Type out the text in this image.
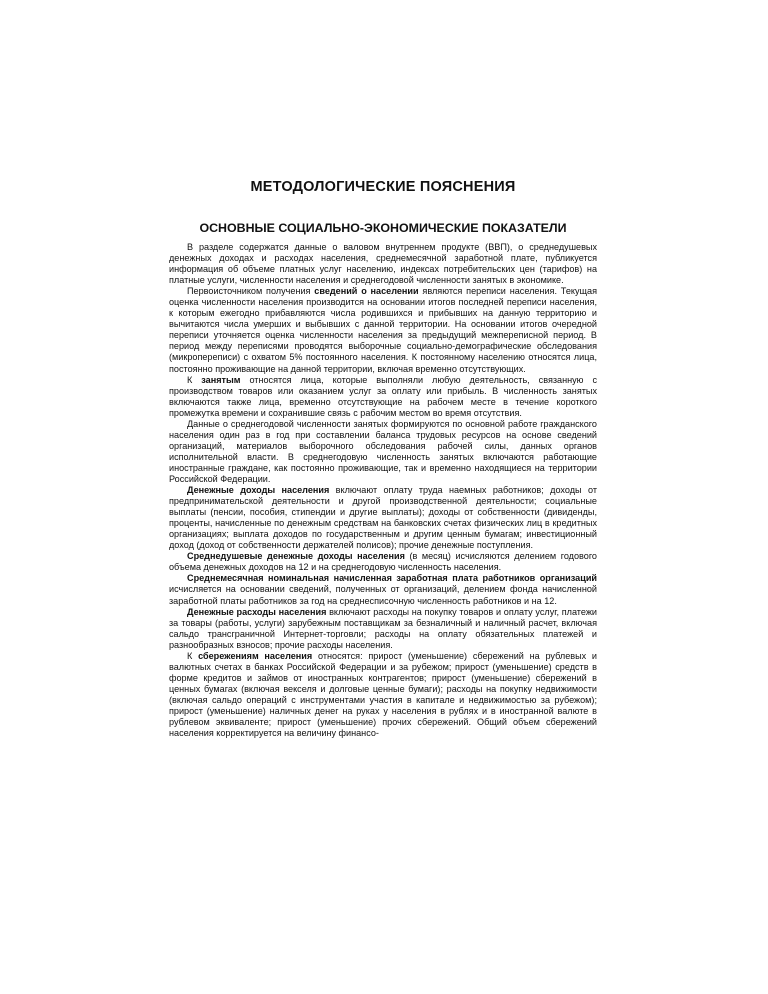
МЕТОДОЛОГИЧЕСКИЕ ПОЯСНЕНИЯ
ОСНОВНЫЕ СОЦИАЛЬНО-ЭКОНОМИЧЕСКИЕ ПОКАЗАТЕЛИ

В разделе содержатся данные о валовом внутреннем продукте (ВВП), о среднедушевых денежных доходах и расходах населения, среднемесячной заработной плате, публикуется информация об объеме платных услуг населению, индексах потребительских цен (тарифов) на платные услуги, численности населения и среднегодовой численности занятых в экономике.

Первоисточником получения сведений о населении являются переписи населения. Текущая оценка численности населения производится на основании итогов последней переписи населения, к которым ежегодно прибавляются числа родившихся и прибывших на данную территорию и вычитаются числа умерших и выбывших с данной территории. На основании итогов очередной переписи уточняется оценка численности населения за предыдущий межпереписной период. В период между переписями проводятся выборочные социально-демографические обследования (микропереписи) с охватом 5% постоянного населения. К постоянному населению относятся лица, постоянно проживающие на данной территории, включая временно отсутствующих.

К занятым относятся лица, которые выполняли любую деятельность, связанную с производством товаров или оказанием услуг за оплату или прибыль. В численность занятых включаются также лица, временно отсутствующие на рабочем месте в течение короткого промежутка времени и сохранившие связь с рабочим местом во время отсутствия.

Данные о среднегодовой численности занятых формируются по основной работе гражданского населения один раз в год при составлении баланса трудовых ресурсов на основе сведений организаций, материалов выборочного обследования рабочей силы, данных органов исполнительной власти. В среднегодовую численность занятых включаются работающие иностранные граждане, как постоянно проживающие, так и временно находящиеся на территории Российской Федерации.

Денежные доходы населения включают оплату труда наемных работников; доходы от предпринимательской деятельности и другой производственной деятельности; социальные выплаты (пенсии, пособия, стипендии и другие выплаты); доходы от собственности (дивиденды, проценты, начисленные по денежным средствам на банковских счетах физических лиц в кредитных организациях; выплата доходов по государственным и другим ценным бумагам; инвестиционный доход (доход от собственности держателей полисов); прочие денежные поступления.

Среднедушевые денежные доходы населения (в месяц) исчисляются делением годового объема денежных доходов на 12 и на среднегодовую численность населения.

Среднемесячная номинальная начисленная заработная плата работников организаций исчисляется на основании сведений, полученных от организаций, делением фонда начисленной заработной платы работников за год на среднесписочную численность работников и на 12.

Денежные расходы населения включают расходы на покупку товаров и оплату услуг, платежи за товары (работы, услуги) зарубежным поставщикам за безналичный и наличный расчет, включая сальдо трансграничной Интернет-торговли; расходы на оплату обязательных платежей и разнообразных взносов; прочие расходы населения.

К сбережениям населения относятся: прирост (уменьшение) сбережений на рублевых и валютных счетах в банках Российской Федерации и за рубежом; прирост (уменьшение) средств в форме кредитов и займов от иностранных контрагентов; прирост (уменьшение) сбережений в ценных бумагах (включая векселя и долговые ценные бумаги); расходы на покупку недвижимости (включая сальдо операций с инструментами участия в капитале и недвижимостью за рубежом); прирост (уменьшение) наличных денег на руках у населения в рублях и в иностранной валюте в рублевом эквиваленте; прирост (уменьшение) прочих сбережений. Общий объем сбережений населения корректируется на величину финансо-
